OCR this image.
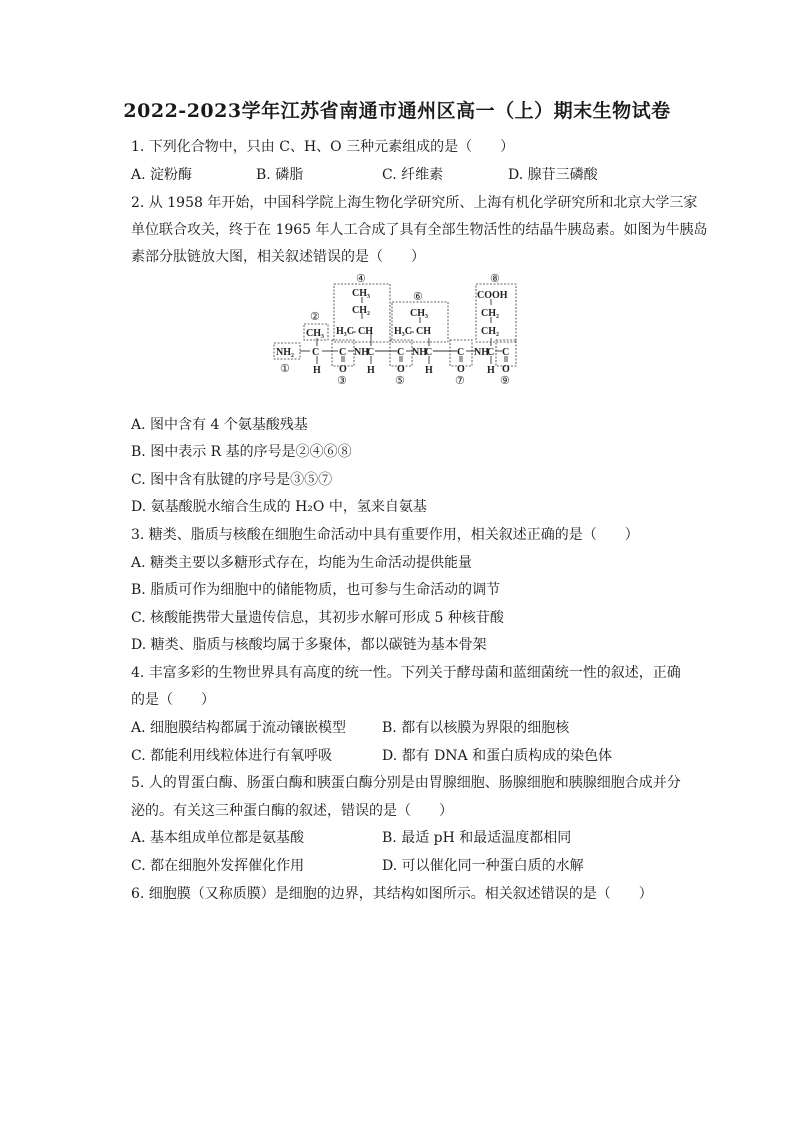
2022-2023学年江苏省南通市通州区高一（上）期末生物试卷
1. 下列化合物中，只由 C、H、O 三种元素组成的是（　　）
A. 淀粉酶	B. 磷脂	C. 纤维素	D. 腺苷三磷酸
2. 从 1958 年开始，中国科学院上海生物化学研究所、上海有机化学研究所和北京大学三家
单位联合攻关，终于在 1965 年人工合成了具有全部生物活性的结晶牛胰岛素。如图为牛胰岛
素部分肽链放大图，相关叙述错误的是（　　）
NH₂
CH₃
CH₃
CH₂
H₃C CH
CH₃
H₃C CH
COOH
CH₂
CH₂
C C NH
C C NH
C C NH
C C
H	H	H	H
O	O	O	O
①
②
③
④
⑤
⑥
⑦
⑧
⑨
A. 图中含有 4 个氨基酸残基
B. 图中表示 R 基的序号是②④⑥⑧
C. 图中含有肽键的序号是③⑤⑦
D. 氨基酸脱水缩合生成的 H₂O 中，氢来自氨基
3. 糖类、脂质与核酸在细胞生命活动中具有重要作用，相关叙述正确的是（　　）
A. 糖类主要以多糖形式存在，均能为生命活动提供能量
B. 脂质可作为细胞中的储能物质，也可参与生命活动的调节
C. 核酸能携带大量遗传信息，其初步水解可形成 5 种核苷酸
D. 糖类、脂质与核酸均属于多聚体，都以碳链为基本骨架
4. 丰富多彩的生物世界具有高度的统一性。下列关于酵母菌和蓝细菌统一性的叙述，正确
的是（　　）
A. 细胞膜结构都属于流动镶嵌模型	B. 都有以核膜为界限的细胞核
C. 都能利用线粒体进行有氧呼吸	D. 都有 DNA 和蛋白质构成的染色体
5. 人的胃蛋白酶、肠蛋白酶和胰蛋白酶分别是由胃腺细胞、肠腺细胞和胰腺细胞合成并分
泌的。有关这三种蛋白酶的叙述，错误的是（　　）
A. 基本组成单位都是氨基酸	B. 最适 pH 和最适温度都相同
C. 都在细胞外发挥催化作用	D. 可以催化同一种蛋白质的水解
6. 细胞膜（又称质膜）是细胞的边界，其结构如图所示。相关叙述错误的是（　　）
